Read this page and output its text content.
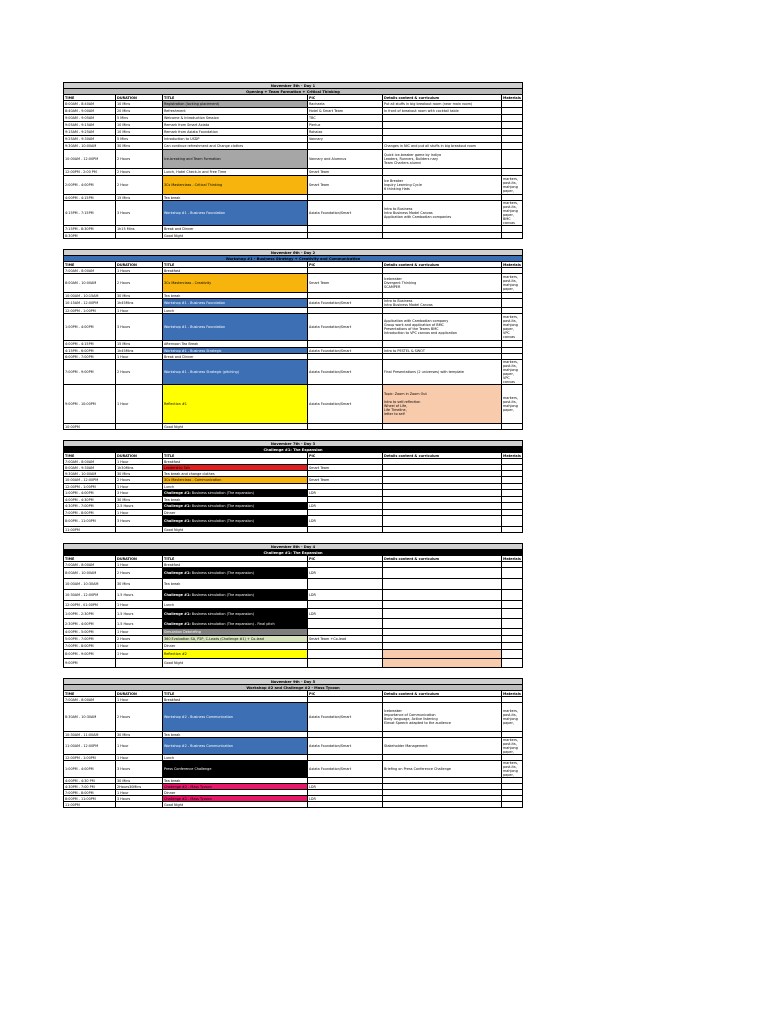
November 5th - Day 1					
Opening + Team Formation + Critical Thinking					
TIME	DURATION	TITLE	PIC	Details content & curriculum	Materials
8:00AM - 8:40AM	10 Mins	Registration (locking placement)	Rachaela	Put all stuffs in big breakout room (near main room)	
8:40AM - 9:00AM	20 Mins	Refreshment	Hotel & Smart Team	In front of breakout room with cocktail table	
9:00AM - 9:05AM	5 Mins	Welcome & Introduction Session	TBC		
9:05AM - 9:15AM	10 Mins	Remark from Smart Axiata	Pierluz		
9:15AM - 9:25AM	10 Mins	Remark from Axiata Foundation	Rohaizo		
9:25AM - 9:30AM	5 Mins	Introduction to USDP	Vannary		
9:30AM - 10:00AM	30 Mins	Can continue refreshment and Change clothes		Changes in NIC and put all stuffs in big breakout room	
10:00AM - 12:00PM	2 Hours	Ice-breaking and Team Formation	Vannary and Alumnus	Quick ice-breaker game by Indiya
Leaders, Runners, Builders nary
Team Charters alumni	
12:00PM - 2:00 PM	2 Hours	Lunch, Hotel Check-in and Free Time	Smart Team		
2:00PM - 4:00PM	2 Hour	3Cs Masterclass - Critical Thinking	Smart Team	Ice Breaker
Inquiry Learning Cycle
6 thinking Hats	markers, post-its, mahjong paper,
4:00PM - 4:15PM	15 Mins	Tea break			
4:15PM - 7:15PM	3 Hours	Workshop #1 - Business Foundation	Axiata Foundation/Smart	Intro to Business
Intro Business Model Canvas
Application with Cambodian companies	markers, post-its, mahjong paper,
BMC canvas
7:15PM - 8:30PM	1h15 Mins	Break and Dinner			
8:30PM		Good Night			
November 6th - Day 2					
Workshop #1 - Business Strategy + Creativity and Communication					
TIME	DURATION	TITLE	PIC	Details content & curriculum	Materials
7:00AM - 8:00AM	1 Hours	Breakfast			
8:00AM - 10:00AM	2 Hours	3Cs Masterclass - Creativity	Smart Team	Icebreaker
Divergent Thinking
SCAMPER	markers, post-its, mahjong paper,
10:00AM - 10:15AM	30 Mins	Tea break			
10:15AM - 12:00PM	1h45Mins	Workshop #1 - Business Foundation	Axiata Foundation/Smart	Intro to Business
Intro Business Model Canvas	
12:00PM - 1:00PM	1 Hour	Lunch			
1:00PM - 4:00PM	3 Hours	Workshop #1 - Business Foundation	Axiata Foundation/Smart	Application with Cambodian company
Group work and application of BMC
Presentations of the Teams BMC
Introduction to VPC canvas and application	markers, post-its, mahjong paper,
VPC canvas
4:00PM - 4:15PM	15 Mins	Afternoon Tea Break			
4:15PM - 6:00PM	1h45Mins	Workshop #1 - Business Strategic	Axiata Foundation/Smart	Intro to PESTEL & SWOT	
6:00PM - 7:00PM	1 Hour	Break and Dinner			
7:00PM - 9:00PM	2 Hours	Workshop #1 - Business Strategic (pitching)	Axiata Foundation/Smart	Final Presentations (2 universes) with template	markers, post-its, mahjong paper,
VPC canvas
9:00PM - 10:00PM	1 Hour	Reflection #1	Axiata Foundation/Smart	Topic: Zoom in Zoom Out

Intro to self-reflection
Wheel of Life,
Life Timeline,
letter to self	markers, post-its, mahjong paper,
10:00PM		Good Night			
November 7th - Day 3					
Challenge #1: The Expansion					
TIME	DURATION	TITLE	PIC	Details content & curriculum	Materials
7:00AM - 8:00AM	1 Hour	Breakfast			
8:00AM - 9:30AM	1h30Mins	Leadership Talk	Smart Team		
9:30AM - 10:00AM	30 Mins	Tea break and change clothes			
10:00AM - 12:00PM	2 Hours	3Cs Masterclass - Communication	Smart Team		
12:00PM - 1:00PM	1 Hour	Lunch			
1:00PM - 4:00PM	3 Hour	Challenge #1: Business simulation (The expansion)	LDR		
4:00PM - 4:30PM	30 Mins	Tea break			
4:30PM - 7:00PM	2.5 Hours	Challenge #1: Business simulation (The expansion)	LDR		
7:00PM - 8:00PM	1 Hour	Dinner			
8:00PM - 11:00PM	3 Hours	Challenge #1: Business simulation (The expansion)	LDR		
11:00PM		Good Night			
November 8th - Day 4					
Challenge #1: The Expansion					
TIME	DURATION	TITLE	PIC	Details content & curriculum	Materials
7:00AM - 8:00AM	1 Hour	Breakfast			
8:00AM - 10:00AM	2 Hours	Challenge #1: Business simulation (The expansion)	LDR		
10:00AM - 10:30AM	30 Mins	Tea break			
10:30AM - 12:00PM	1.5 Hours	Challenge #1: Business simulation (The expansion)	LDR		
12:00PM - 01:00PM	1 Hour	Lunch			
1:00PM - 2:30PM	1.5 Hours	Challenge #1: Business simulation (The expansion)	LDR		
2:30PM - 4:00PM	1.5 Hours	Challenge #1: Business simulation (The expansion) - Final pitch			
4:00PM - 5:00PM	1 Hour	Simulation Debriefing			
5:00PM - 7:00PM	2 Hours	360 Evaluation SA, P2P, C-Leads (Challenge #1) + Co-lead	Smart Team +Co-lead		
7:00PM - 8:00PM	1 Hour	Dinner			
8:00PM - 9:00PM	1 Hour	Reflection #2			
9:00PM		Good Night			
November 9th - Day 5					
Workshop #2 and Challenge #2 - Mass Tycoon					
TIME	DURATION	TITLE	PIC	Details content & curriculum	Materials
7:00AM - 8:00AM	1 Hour	Breakfast			
8:30AM - 10:30AM	2 Hours	Workshop #2 - Business Communication	Axiata Foundation/Smart	Icebreaker
Importance of Communication
Body language, Active listening
Elevat Speech adapted to the audience	markers, post-its, mahjong paper,
10:30AM - 11:00AM	30 Mins	Tea break			
11:00AM - 12:00PM	1 Hour	Workshop #2 - Business Communication	Axiata Foundation/Smart	Stakeholder Management	markers, post-its, mahjong paper,
12:00PM - 1:00PM	1 Hour	Lunch			
1:00PM - 4:00PM	3 Hours	Press Conference Challenge	Axiata Foundation/Smart	Briefing on Press Conference Challenge	markers, post-its, mahjong paper,
4:00PM - 4:30 PM	30 Mins	Tea break			
4:30PM - 7:00 PM	2Hours30Mins	Challenge #2 - Mass Tycoon	LDR		
7:00PM - 8:00PM	1 Hour	Dinner			
8:00PM - 11:00PM	3 Hours	Challenge #2 - Mass Tycoon	LDR		
11:00PM		Good Night			
